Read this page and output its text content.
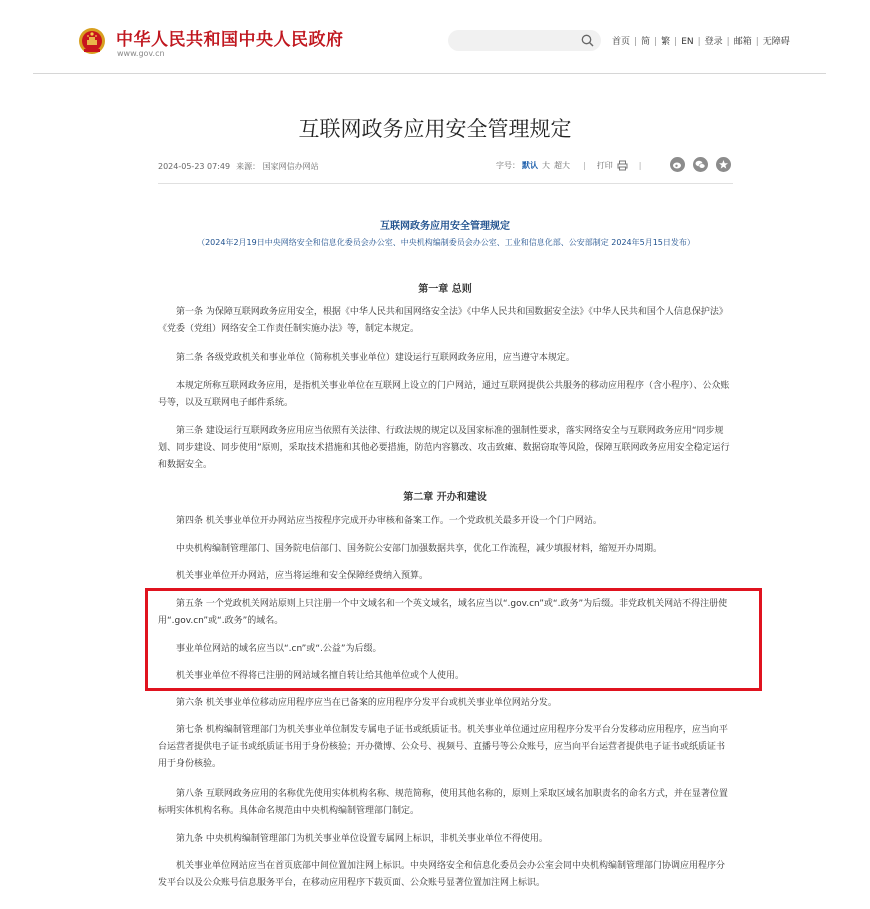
中华人民共和国中央人民政府
www.gov.cn
首页 | 简 | 繁 | EN | 登录 | 邮箱 | 无障碍
互联网政务应用安全管理规定
2024-05-23 07:49 来源： 国家网信办网站	字号： 默认 大 超大 | 打印	|
互联网政务应用安全管理规定
（2024年2月19日中央网络安全和信息化委员会办公室、中央机构编制委员会办公室、工业和信息化部、公安部制定 2024年5月15日发布）
第一章 总则
第一条 为保障互联网政务应用安全，根据《中华人民共和国网络安全法》《中华人民共和国数据安全法》《中华人民共和国个人信息保护法》《党委（党组）网络安全工作责任制实施办法》等，制定本规定。
第二条 各级党政机关和事业单位（简称机关事业单位）建设运行互联网政务应用，应当遵守本规定。
本规定所称互联网政务应用，是指机关事业单位在互联网上设立的门户网站，通过互联网提供公共服务的移动应用程序（含小程序）、公众账号等，以及互联网电子邮件系统。
第三条 建设运行互联网政务应用应当依照有关法律、行政法规的规定以及国家标准的强制性要求，落实网络安全与互联网政务应用“同步规划、同步建设、同步使用”原则，采取技术措施和其他必要措施，防范内容篡改、攻击致瘫、数据窃取等风险，保障互联网政务应用安全稳定运行和数据安全。
第二章 开办和建设
第四条 机关事业单位开办网站应当按程序完成开办审核和备案工作。一个党政机关最多开设一个门户网站。
中央机构编制管理部门、国务院电信部门、国务院公安部门加强数据共享，优化工作流程，减少填报材料，缩短开办周期。
机关事业单位开办网站，应当将运维和安全保障经费纳入预算。
第五条 一个党政机关网站原则上只注册一个中文域名和一个英文域名，域名应当以“.gov.cn”或“.政务”为后缀。非党政机关网站不得注册使用“.gov.cn”或“.政务”的域名。
事业单位网站的域名应当以“.cn”或“.公益”为后缀。
机关事业单位不得将已注册的网站域名擅自转让给其他单位或个人使用。
第六条 机关事业单位移动应用程序应当在已备案的应用程序分发平台或机关事业单位网站分发。
第七条 机构编制管理部门为机关事业单位制发专属电子证书或纸质证书。机关事业单位通过应用程序分发平台分发移动应用程序，应当向平台运营者提供电子证书或纸质证书用于身份核验；开办微博、公众号、视频号、直播号等公众账号，应当向平台运营者提供电子证书或纸质证书用于身份核验。
第八条 互联网政务应用的名称优先使用实体机构名称、规范简称，使用其他名称的，原则上采取区域名加职责名的命名方式，并在显著位置标明实体机构名称。具体命名规范由中央机构编制管理部门制定。
第九条 中央机构编制管理部门为机关事业单位设置专属网上标识，非机关事业单位不得使用。
机关事业单位网站应当在首页底部中间位置加注网上标识。中央网络安全和信息化委员会办公室会同中央机构编制管理部门协调应用程序分发平台以及公众账号信息服务平台，在移动应用程序下载页面、公众账号显著位置加注网上标识。
